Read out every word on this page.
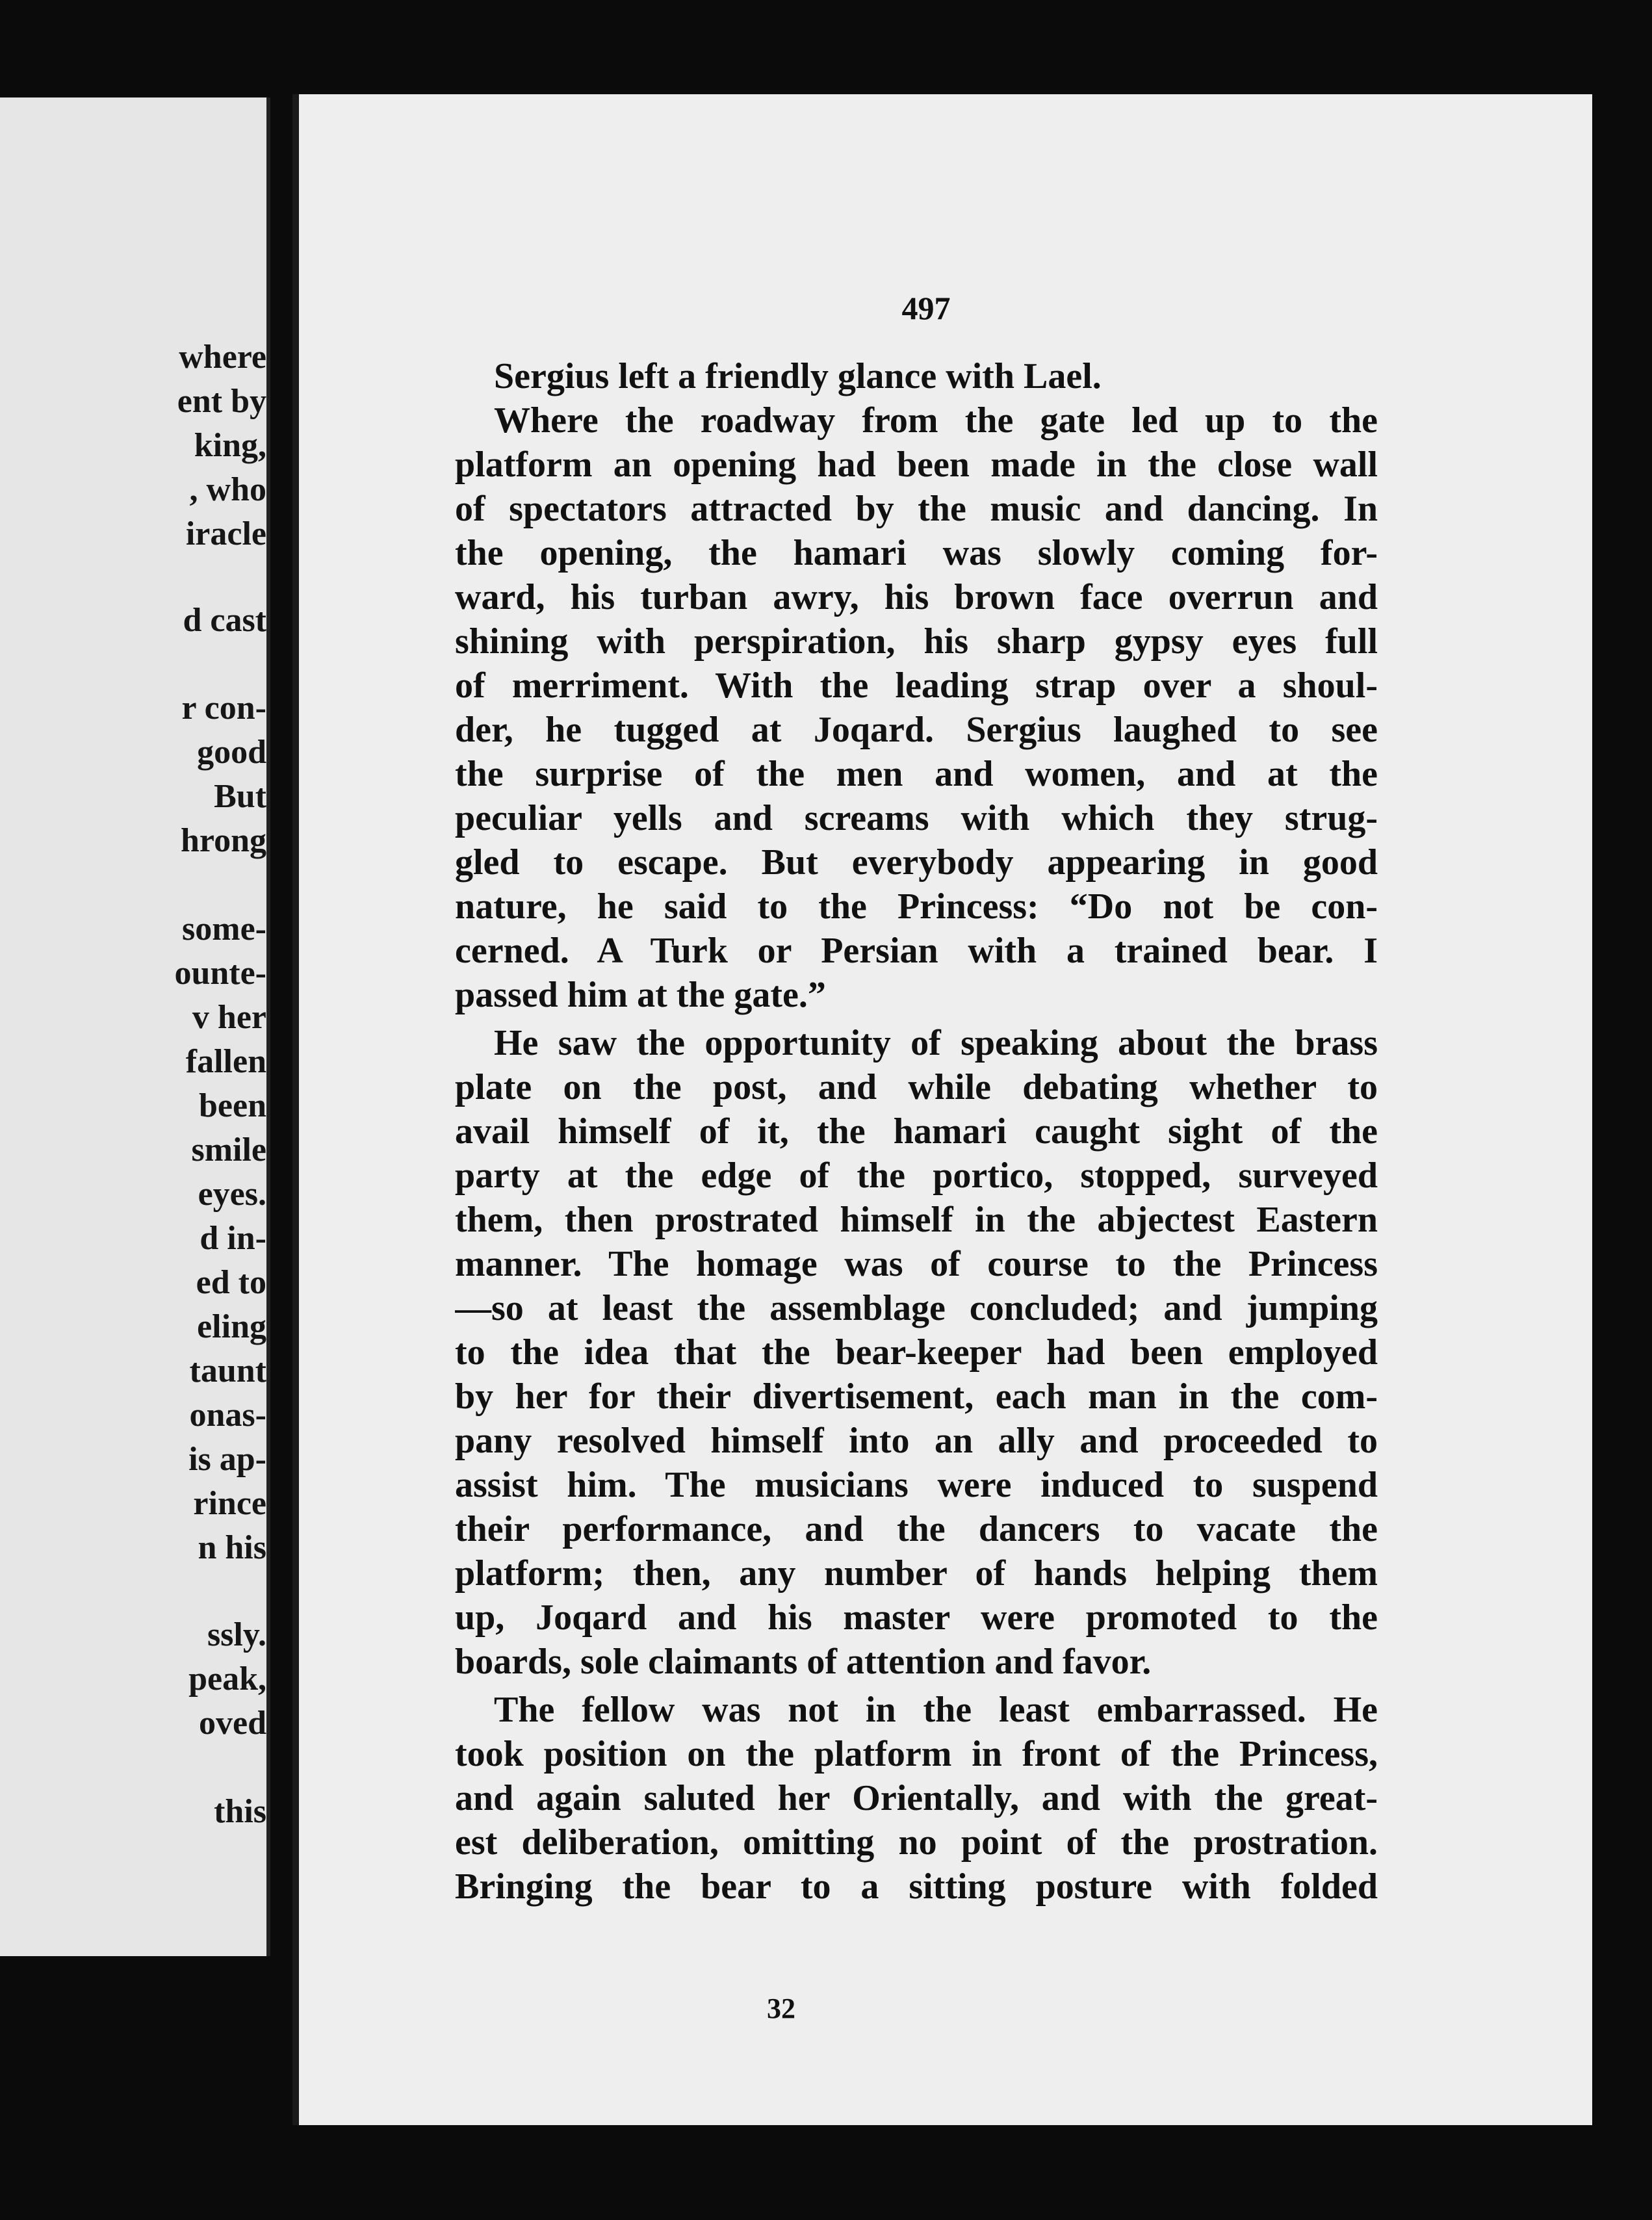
where
ent by
king,
, who
iracle
d cast
r con-
good
But
hrong
some-
ounte-
v her
fallen
been
smile
eyes.
d in-
ed to
eling
taunt
onas-
is ap-
rince
n his
ssly.
peak,
oved
this
497
Sergius left a friendly glance with Lael.
Where the roadway from the gate led up to the
platform an opening had been made in the close wall
of spectators attracted by the music and dancing. In
the opening, the hamari was slowly coming for-
ward, his turban awry, his brown face overrun and
shining with perspiration, his sharp gypsy eyes full
of merriment. With the leading strap over a shoul-
der, he tugged at Joqard. Sergius laughed to see
the surprise of the men and women, and at the
peculiar yells and screams with which they strug-
gled to escape. But everybody appearing in good
nature, he said to the Princess: “Do not be con-
cerned. A Turk or Persian with a trained bear. I
passed him at the gate.”
He saw the opportunity of speaking about the brass
plate on the post, and while debating whether to
avail himself of it, the hamari caught sight of the
party at the edge of the portico, stopped, surveyed
them, then prostrated himself in the abjectest Eastern
manner. The homage was of course to the Princess
—so at least the assemblage concluded; and jumping
to the idea that the bear-keeper had been employed
by her for their divertisement, each man in the com-
pany resolved himself into an ally and proceeded to
assist him. The musicians were induced to suspend
their performance, and the dancers to vacate the
platform; then, any number of hands helping them
up, Joqard and his master were promoted to the
boards, sole claimants of attention and favor.
The fellow was not in the least embarrassed. He
took position on the platform in front of the Princess,
and again saluted her Orientally, and with the great-
est deliberation, omitting no point of the prostration.
Bringing the bear to a sitting posture with folded
32
